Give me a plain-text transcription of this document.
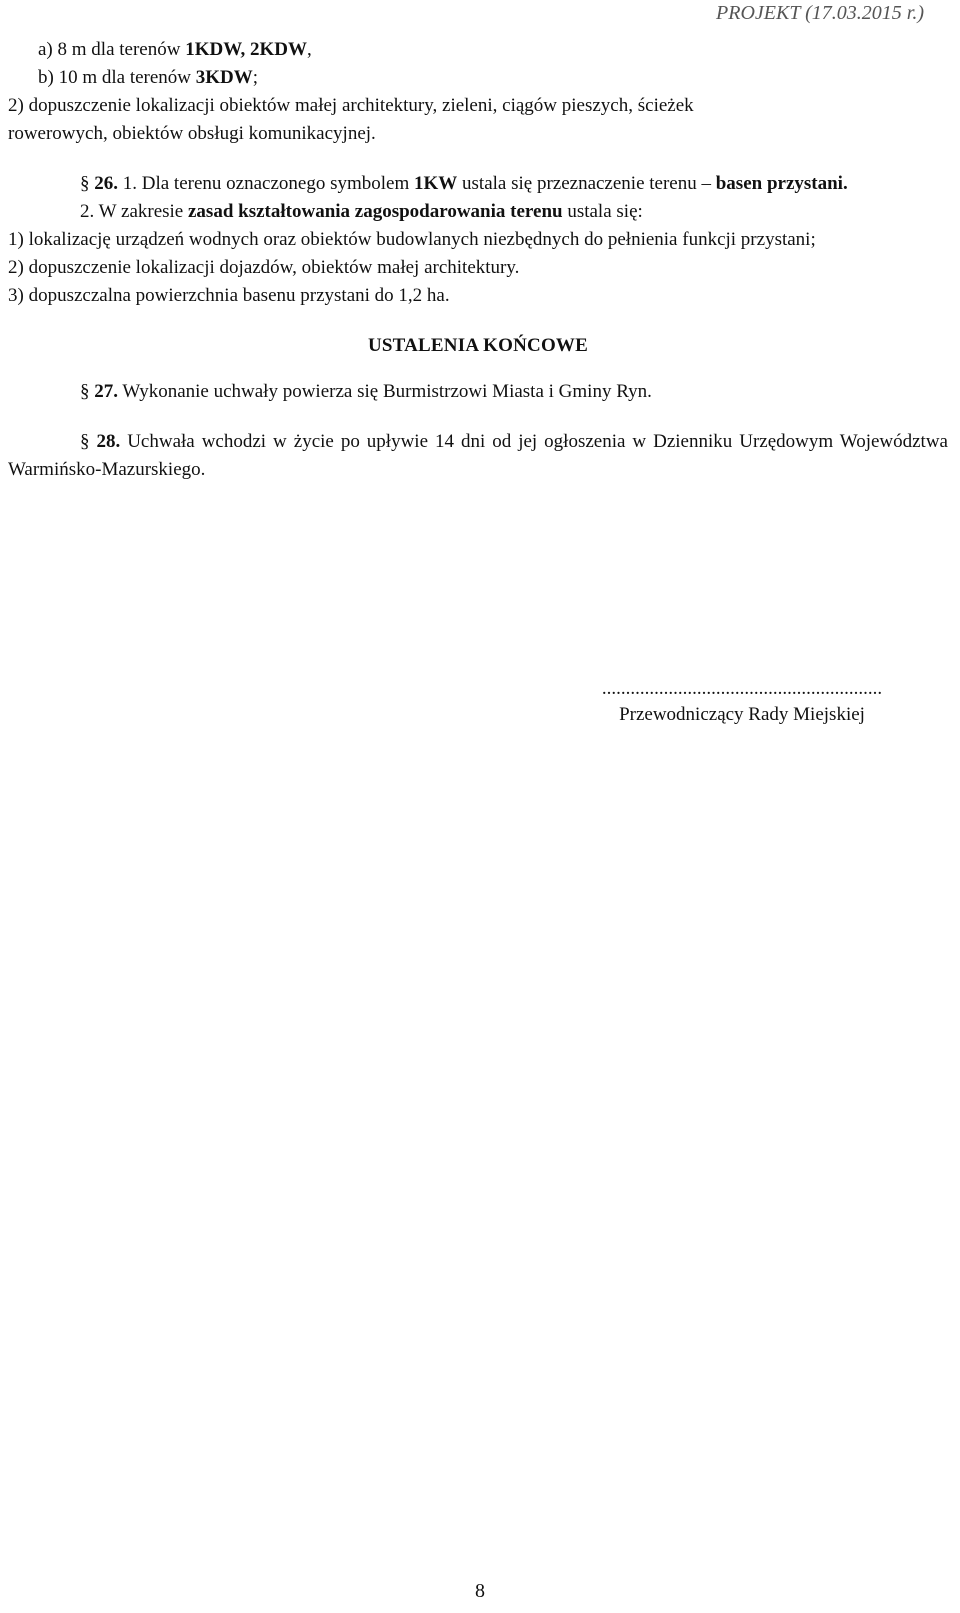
PROJEKT (17.03.2015 r.)

a) 8 m dla terenów 1KDW, 2KDW,

b) 10 m dla terenów 3KDW;

2) dopuszczenie lokalizacji obiektów małej architektury, zieleni, ciągów pieszych, ścieżek

rowerowych, obiektów obsługi komunikacyjnej.

§ 26. 1. Dla terenu oznaczonego symbolem 1KW ustala się przeznaczenie terenu – basen przystani.

2. W zakresie zasad kształtowania zagospodarowania terenu ustala się:

1) lokalizację urządzeń wodnych oraz obiektów budowlanych niezbędnych do pełnienia funkcji przystani;

2) dopuszczenie lokalizacji dojazdów, obiektów małej architektury.

3) dopuszczalna powierzchnia basenu przystani do 1,2 ha.

USTALENIA KOŃCOWE

§ 27. Wykonanie uchwały powierza się Burmistrzowi Miasta i Gminy Ryn.

§ 28. Uchwała wchodzi w życie po upływie 14 dni od jej ogłoszenia w Dzienniku Urzędowym Województwa Warmińsko-Mazurskiego.

...........................................................
Przewodniczący Rady Miejskiej
8
